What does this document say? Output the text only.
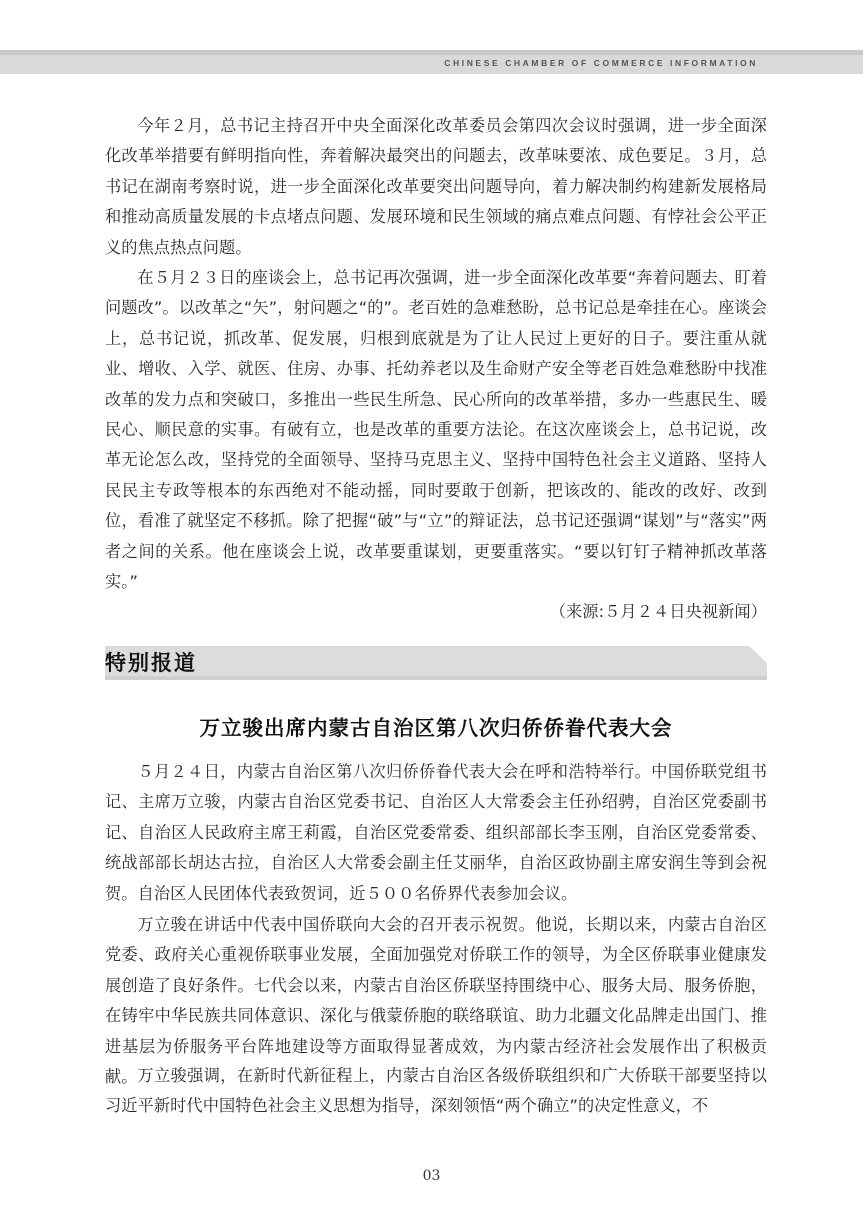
CHINESE CHAMBER OF COMMERCE INFORMATION

今年２月，总书记主持召开中央全面深化改革委员会第四次会议时强调，进一步全面深化改革举措要有鲜明指向性，奔着解决最突出的问题去，改革味要浓、成色要足。３月，总书记在湖南考察时说，进一步全面深化改革要突出问题导向，着力解决制约构建新发展格局和推动高质量发展的卡点堵点问题、发展环境和民生领域的痛点难点问题、有悖社会公平正义的焦点热点问题。

在５月２３日的座谈会上，总书记再次强调，进一步全面深化改革要“奔着问题去、盯着问题改”。以改革之“矢”，射问题之“的”。老百姓的急难愁盼，总书记总是牵挂在心。座谈会上，总书记说，抓改革、促发展，归根到底就是为了让人民过上更好的日子。要注重从就业、增收、入学、就医、住房、办事、托幼养老以及生命财产安全等老百姓急难愁盼中找准改革的发力点和突破口，多推出一些民生所急、民心所向的改革举措，多办一些惠民生、暖民心、顺民意的实事。有破有立，也是改革的重要方法论。在这次座谈会上，总书记说，改革无论怎么改，坚持党的全面领导、坚持马克思主义、坚持中国特色社会主义道路、坚持人民民主专政等根本的东西绝对不能动摇，同时要敢于创新，把该改的、能改的改好、改到位，看准了就坚定不移抓。除了把握“破”与“立”的辩证法，总书记还强调“谋划”与“落实”两者之间的关系。他在座谈会上说，改革要重谋划，更要重落实。“要以钉钉子精神抓改革落实。”
（来源:５月２４日央视新闻）

特别报道
万立骏出席内蒙古自治区第八次归侨侨眷代表大会

５月２４日，内蒙古自治区第八次归侨侨眷代表大会在呼和浩特举行。中国侨联党组书记、主席万立骏，内蒙古自治区党委书记、自治区人大常委会主任孙绍骋，自治区党委副书记、自治区人民政府主席王莉霞，自治区党委常委、组织部部长李玉刚，自治区党委常委、统战部部长胡达古拉，自治区人大常委会副主任艾丽华，自治区政协副主席安润生等到会祝贺。自治区人民团体代表致贺词，近５００名侨界代表参加会议。

万立骏在讲话中代表中国侨联向大会的召开表示祝贺。他说，长期以来，内蒙古自治区党委、政府关心重视侨联事业发展，全面加强党对侨联工作的领导，为全区侨联事业健康发展创造了良好条件。七代会以来，内蒙古自治区侨联坚持围绕中心、服务大局、服务侨胞，在铸牢中华民族共同体意识、深化与俄蒙侨胞的联络联谊、助力北疆文化品牌走出国门、推进基层为侨服务平台阵地建设等方面取得显著成效，为内蒙古经济社会发展作出了积极贡献。 万立骏强调，在新时代新征程上，内蒙古自治区各级侨联组织和广大侨联干部要坚持以习近平新时代中国特色社会主义思想为指导，深刻领悟“两个确立”的决定性意义，不

03
